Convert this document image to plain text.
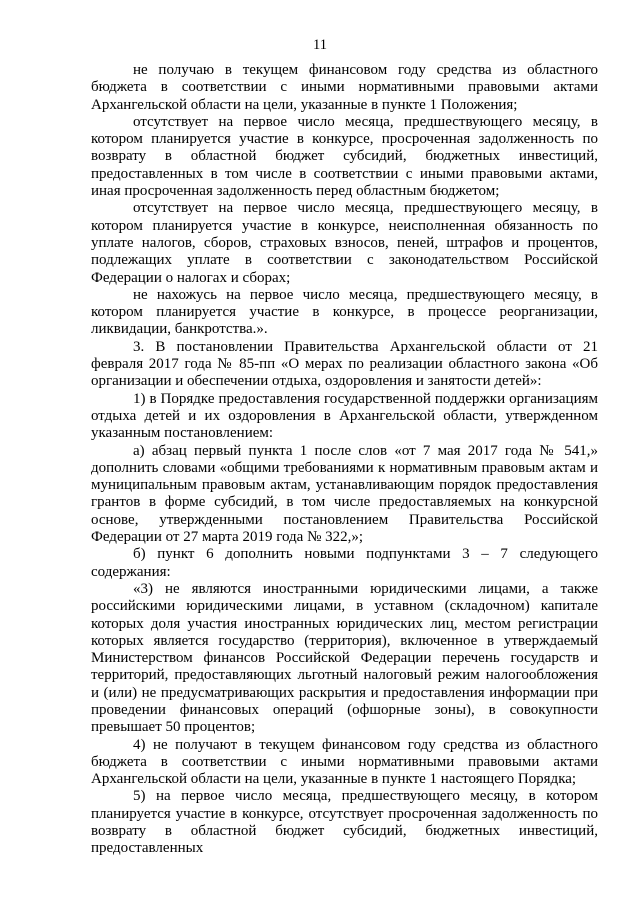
11

не получаю в текущем финансовом году средства из областного бюджета в соответствии с иными нормативными правовыми актами Архангельской области на цели, указанные в пункте 1 Положения;

отсутствует на первое число месяца, предшествующего месяцу, в котором планируется участие в конкурсе, просроченная задолженность по возврату в областной бюджет субсидий, бюджетных инвестиций, предоставленных в том числе в соответствии с иными правовыми актами, иная просроченная задолженность перед областным бюджетом;

отсутствует на первое число месяца, предшествующего месяцу, в котором планируется участие в конкурсе, неисполненная обязанность по уплате налогов, сборов, страховых взносов, пеней, штрафов и процентов, подлежащих уплате в соответствии с законодательством Российской Федерации о налогах и сборах;

не нахожусь на первое число месяца, предшествующего месяцу, в котором планируется участие в конкурсе, в процессе реорганизации, ликвидации, банкротства.».

3. В постановлении Правительства Архангельской области от 21 февраля 2017 года № 85-пп «О мерах по реализации областного закона «Об организации и обеспечении отдыха, оздоровления и занятости детей»:

1) в Порядке предоставления государственной поддержки организациям отдыха детей и их оздоровления в Архангельской области, утвержденном указанным постановлением:

а) абзац первый пункта 1 после слов «от 7 мая 2017 года № 541,» дополнить словами «общими требованиями к нормативным правовым актам и муниципальным правовым актам, устанавливающим порядок предоставления грантов в форме субсидий, в том числе предоставляемых на конкурсной основе, утвержденными постановлением Правительства Российской Федерации от 27 марта 2019 года № 322,»;

б) пункт 6 дополнить новыми подпунктами 3 – 7 следующего содержания:

«3) не являются иностранными юридическими лицами, а также российскими юридическими лицами, в уставном (складочном) капитале которых доля участия иностранных юридических лиц, местом регистрации которых является государство (территория), включенное в утверждаемый Министерством финансов Российской Федерации перечень государств и территорий, предоставляющих льготный налоговый режим налогообложения и (или) не предусматривающих раскрытия и предоставления информации при проведении финансовых операций (офшорные зоны), в совокупности превышает 50 процентов;

4) не получают в текущем финансовом году средства из областного бюджета в соответствии с иными нормативными правовыми актами Архангельской области на цели, указанные в пункте 1 настоящего Порядка;

5) на первое число месяца, предшествующего месяцу, в котором планируется участие в конкурсе, отсутствует просроченная задолженность по возврату в областной бюджет субсидий, бюджетных инвестиций, предоставленных
